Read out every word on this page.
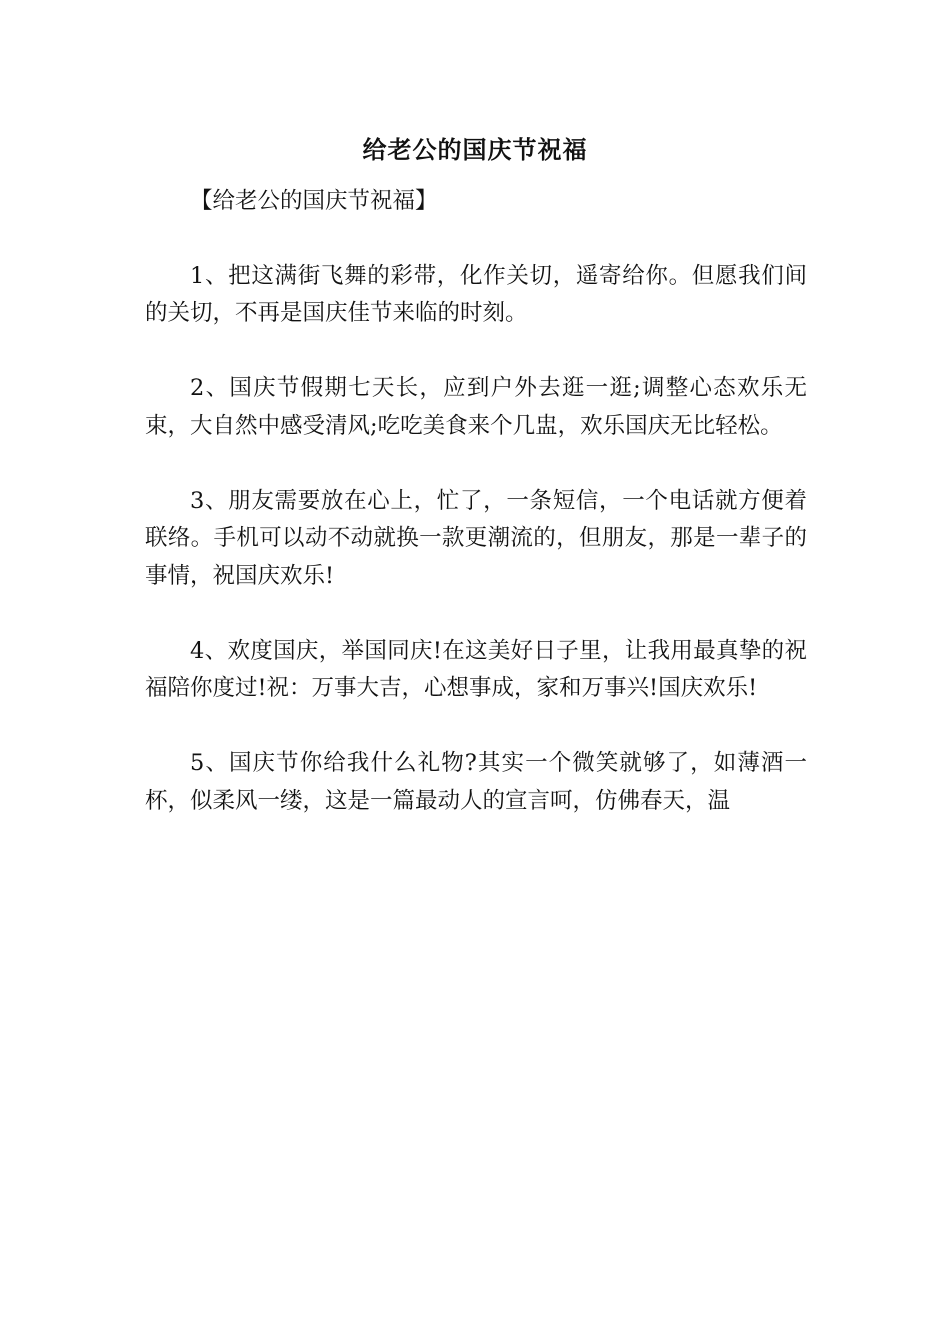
给老公的国庆节祝福

【给老公的国庆节祝福】

1、把这满街飞舞的彩带，化作关切，遥寄给你。但愿我们间的关切，不再是国庆佳节来临的时刻。

2、国庆节假期七天长，应到户外去逛一逛;调整心态欢乐无束，大自然中感受清风;吃吃美食来个几盅，欢乐国庆无比轻松。

3、朋友需要放在心上，忙了，一条短信，一个电话就方便着联络。手机可以动不动就换一款更潮流的，但朋友，那是一辈子的事情，祝国庆欢乐!

4、欢度国庆，举国同庆!在这美好日子里，让我用最真挚的祝福陪你度过!祝：万事大吉，心想事成，家和万事兴!国庆欢乐!

5、国庆节你给我什么礼物?其实一个微笑就够了，如薄酒一杯，似柔风一缕，这是一篇最动人的宣言呵，仿佛春天，温
